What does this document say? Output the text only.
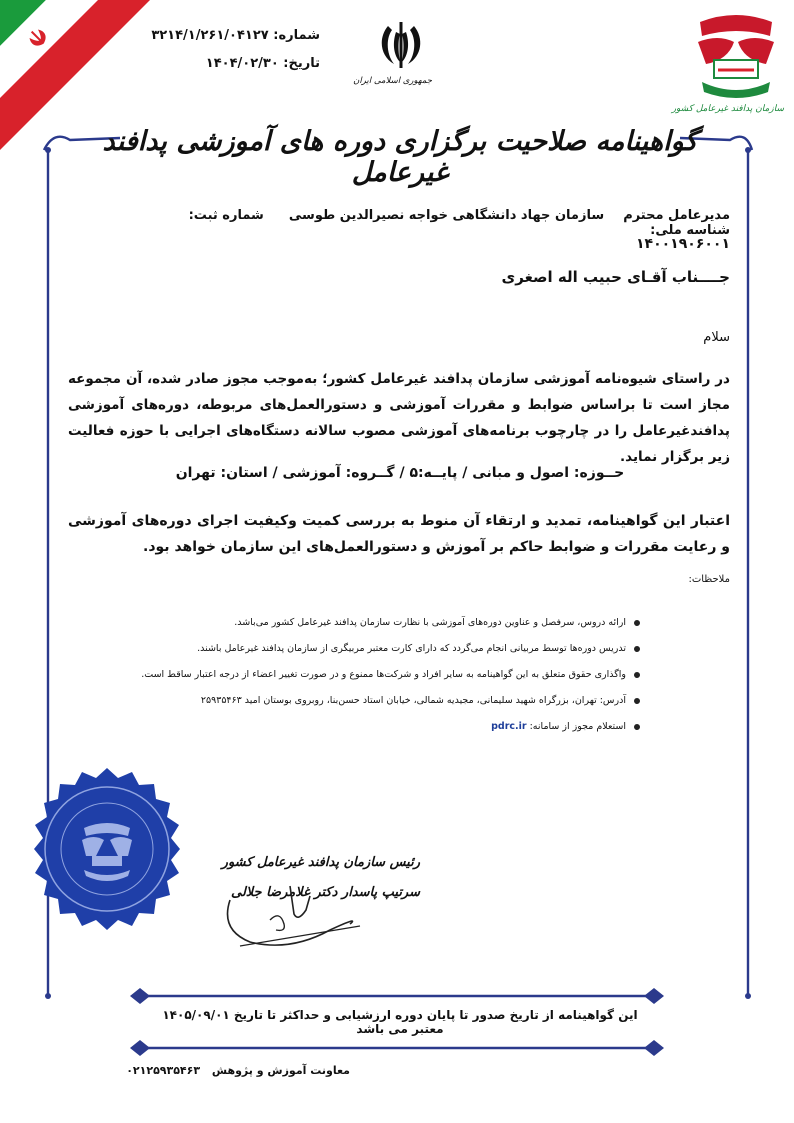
سازمان پدافند غیرعامل کشور
جمهوری اسلامی ایران
شماره: ۳۲۱۴/۱/۲۶۱/۰۴۱۲۷
تاریخ: ۱۴۰۴/۰۲/۳۰
گواهینامه صلاحیت برگزاری دوره های آموزشی پدافند غیرعامل
مدیرعامل محترم  سازمان جهاد دانشگاهی خواجه نصیرالدین طوسی  شماره ثبت:  شناسه ملی:
۱۴۰۰۱۹۰۶۰۰۱
جــــناب آقـای حبیب اله اصغری
سلام
در راستای شیوه‌نامه آموزشی سازمان پدافند غیرعامل کشور؛ به‌موجب مجوز صادر شده، آن مجموعه مجاز است تا براساس ضوابط و مقررات آموزشی و دستورالعمل‌های مربوطه، دوره‌های آموزشی پدافندغیرعامل را در چارچوب برنامه‌های آموزشی مصوب سالانه دستگاه‌های اجرایی با حوزه فعالیت زیر برگزار نماید.
حــوزه: اصول و مبانی / پایــه:۵ / گــروه: آموزشی / استان: تهران
اعتبار این گواهینامه، تمدید و ارتقاء آن منوط به بررسی کمیت وکیفیت اجرای دوره‌های آموزشی و رعایت مقررات و ضوابط حاکم بر آموزش و دستورالعمل‌های این سازمان خواهد بود.
ملاحظات:
ارائه دروس، سرفصل و عناوین دوره‌های آموزشی با نظارت سازمان پدافند غیرعامل کشور می‌باشد.
تدریس دوره‌ها توسط مربیانی انجام می‌گردد که دارای کارت معتبر مربیگری از سازمان پدافند غیرعامل باشند.
واگذاری حقوق متعلق به این گواهینامه به سایر افراد و شرکت‌ها ممنوع و در صورت تغییر اعضاء از درجه اعتبار ساقط است.
آدرس: تهران، بزرگراه شهید سلیمانی، مجیدیه شمالی، خیابان استاد حسن‌بنا، روبروی بوستان امید ۲۵۹۳۵۴۶۳
استعلام مجوز از سامانه: pdrc.ir
رئیس سازمان پدافند غیرعامل کشور
سرتیپ پاسدار دکتر غلامرضا جلالی
این گواهینامه از تاریخ صدور تا پایان دوره ارزشیابی و حداکثر تا تاریخ ۱۴۰۵/۰۹/۰۱ معتبر می باشد
معاونت آموزش و پژوهش ۰۲۱۲۵۹۳۵۴۶۳
